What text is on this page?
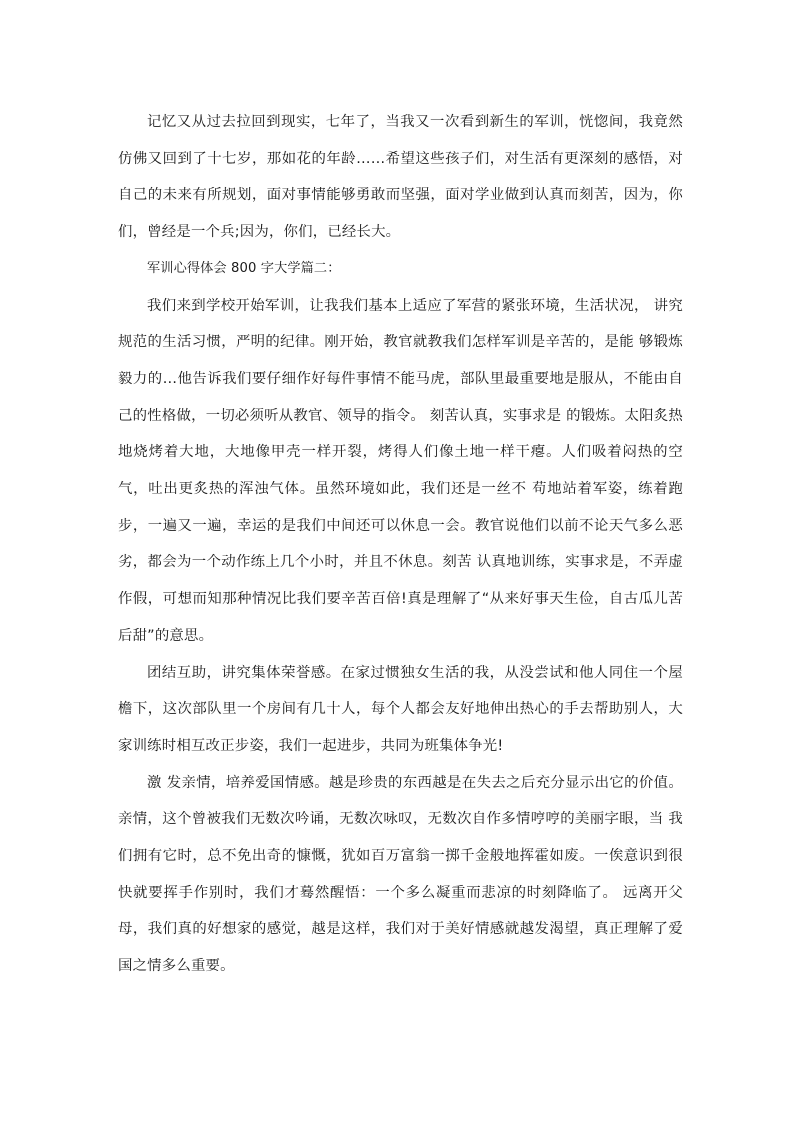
记忆又从过去拉回到现实，七年了，当我又一次看到新生的军训，恍惚间，我竟然仿佛又回到了十七岁，那如花的年龄……希望这些孩子们，对生活有更深刻的感悟，对自己的未来有所规划，面对事情能够勇敢而坚强，面对学业做到认真而刻苦，因为，你们，曾经是一个兵;因为，你们，已经长大。

军训心得体会 800 字大学篇二：

我们来到学校开始军训，让我我们基本上适应了军营的紧张环境，生活状况， 讲究规范的生活习惯，严明的纪律。刚开始，教官就教我们怎样军训是辛苦的，是能 够锻炼毅力的…他告诉我们要仔细作好每件事情不能马虎，部队里最重要地是服从，不能由自己的性格做，一切必须听从教官、领导的指令。 刻苦认真，实事求是 的锻炼。太阳炙热地烧烤着大地，大地像甲壳一样开裂，烤得人们像土地一样干瘪。人们吸着闷热的空气，吐出更炙热的浑浊气体。虽然环境如此，我们还是一丝不 苟地站着军姿，练着跑步，一遍又一遍，幸运的是我们中间还可以休息一会。教官说他们以前不论天气多么恶劣，都会为一个动作练上几个小时，并且不休息。刻苦 认真地训练，实事求是，不弄虚作假，可想而知那种情况比我们要辛苦百倍!真是理解了“从来好事天生俭，自古瓜儿苦后甜”的意思。

团结互助，讲究集体荣誉感。在家过惯独女生活的我，从没尝试和他人同住一个屋檐下，这次部队里一个房间有几十人，每个人都会友好地伸出热心的手去帮助别人，大家训练时相互改正步姿，我们一起进步，共同为班集体争光!

激 发亲情，培养爱国情感。越是珍贵的东西越是在失去之后充分显示出它的价值。亲情，这个曾被我们无数次吟诵，无数次咏叹，无数次自作多情哼哼的美丽字眼，当 我们拥有它时，总不免出奇的慷慨，犹如百万富翁一掷千金般地挥霍如废。一俟意识到很快就要挥手作别时，我们才蓦然醒悟：一个多么凝重而悲凉的时刻降临了。 远离开父母，我们真的好想家的感觉，越是这样，我们对于美好情感就越发渴望，真正理解了爱国之情多么重要。
